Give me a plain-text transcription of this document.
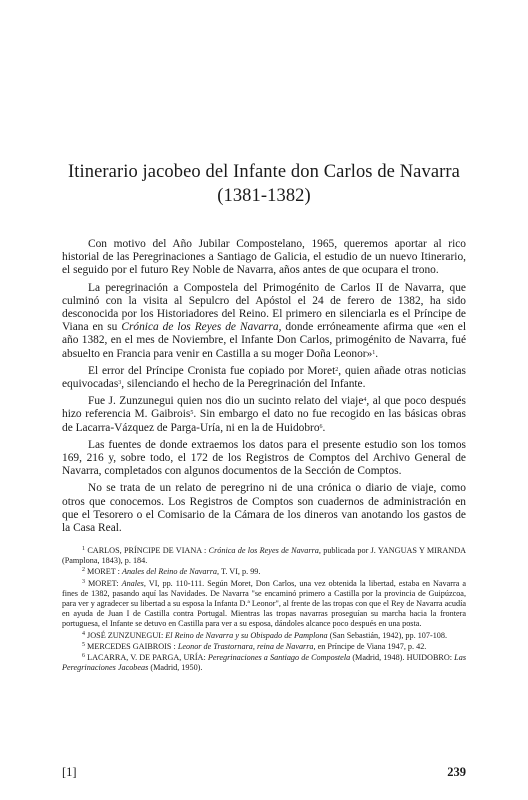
Itinerario jacobeo del Infante don Carlos de Navarra
(1381-1382)

Con motivo del Año Jubilar Compostelano, 1965, queremos aportar al rico historial de las Peregrinaciones a Santiago de Galicia, el estudio de un nuevo Itinerario, el seguido por el futuro Rey Noble de Navarra, años antes de que ocupara el trono.

La peregrinación a Compostela del Primogénito de Carlos II de Navarra, que culminó con la visita al Sepulcro del Apóstol el 24 de ferero de 1382, ha sido desconocida por los Historiadores del Reino. El primero en silenciarla es el Príncipe de Viana en su Crónica de los Reyes de Navarra, donde erróneamente afirma que «en el año 1382, en el mes de Noviembre, el Infante Don Carlos, primogénito de Navarra, fué absuelto en Francia para venir en Castilla a su moger Doña Leonor»$^1$.

El error del Príncipe Cronista fue copiado por Moret$^2$, quien añade otras noticias equivocadas$^3$, silenciando el hecho de la Peregrinación del Infante.

Fue J. Zunzunegui quien nos dio un sucinto relato del viaje$^4$, al que poco después hizo referencia M. Gaibrois$^5$. Sin embargo el dato no fue recogido en las básicas obras de Lacarra-Vázquez de Parga-Uría, ni en la de Huidobro$^6$.

Las fuentes de donde extraemos los datos para el presente estudio son los tomos 169, 216 y, sobre todo, el 172 de los Registros de Comptos del Archivo General de Navarra, completados con algunos documentos de la Sección de Comptos.

No se trata de un relato de peregrino ni de una crónica o diario de viaje, como otros que conocemos. Los Registros de Comptos son cuadernos de administración en que el Tesorero o el Comisario de la Cámara de los dineros van anotando los gastos de la Casa Real.

$^1$ CARLOS, PRÍNCIPE DE VIANA : Crónica de los Reyes de Navarra, publicada por J. YANGUAS Y MIRANDA (Pamplona, 1843), p. 184.

$^2$ MORET : Anales del Reino de Navarra, T. VI, p. 99.

$^3$ MORET: Anales, VI, pp. 110-111. Según Moret, Don Carlos, una vez obtenida la libertad, estaba en Navarra a fines de 1382, pasando aquí las Navidades. De Navarra "se encaminó primero a Castilla por la provincia de Guipúzcoa, para ver y agradecer su libertad a su esposa la Infanta D.ª Leonor", al frente de las tropas con que el Rey de Navarra acudía en ayuda de Juan I de Castilla contra Portugal. Mientras las tropas navarras proseguían su marcha hacia la frontera portuguesa, el Infante se detuvo en Castilla para ver a su esposa, dándoles alcance poco después en una posta.

$^4$ JOSÉ ZUNZUNEGUI: El Reino de Navarra y su Obispado de Pamplona (San Sebastián, 1942), pp. 107-108.

$^5$ MERCEDES GAIBROIS : Leonor de Trastornara, reina de Navarra, en Príncipe de Viana 1947, p. 42.

$^6$ LACARRA, V. DE PARGA, URÍA: Peregrinaciones a Santiago de Compostela (Madrid, 1948). HUIDOBRO: Las Peregrinaciones Jacobeas (Madrid, 1950).

[1]	239
